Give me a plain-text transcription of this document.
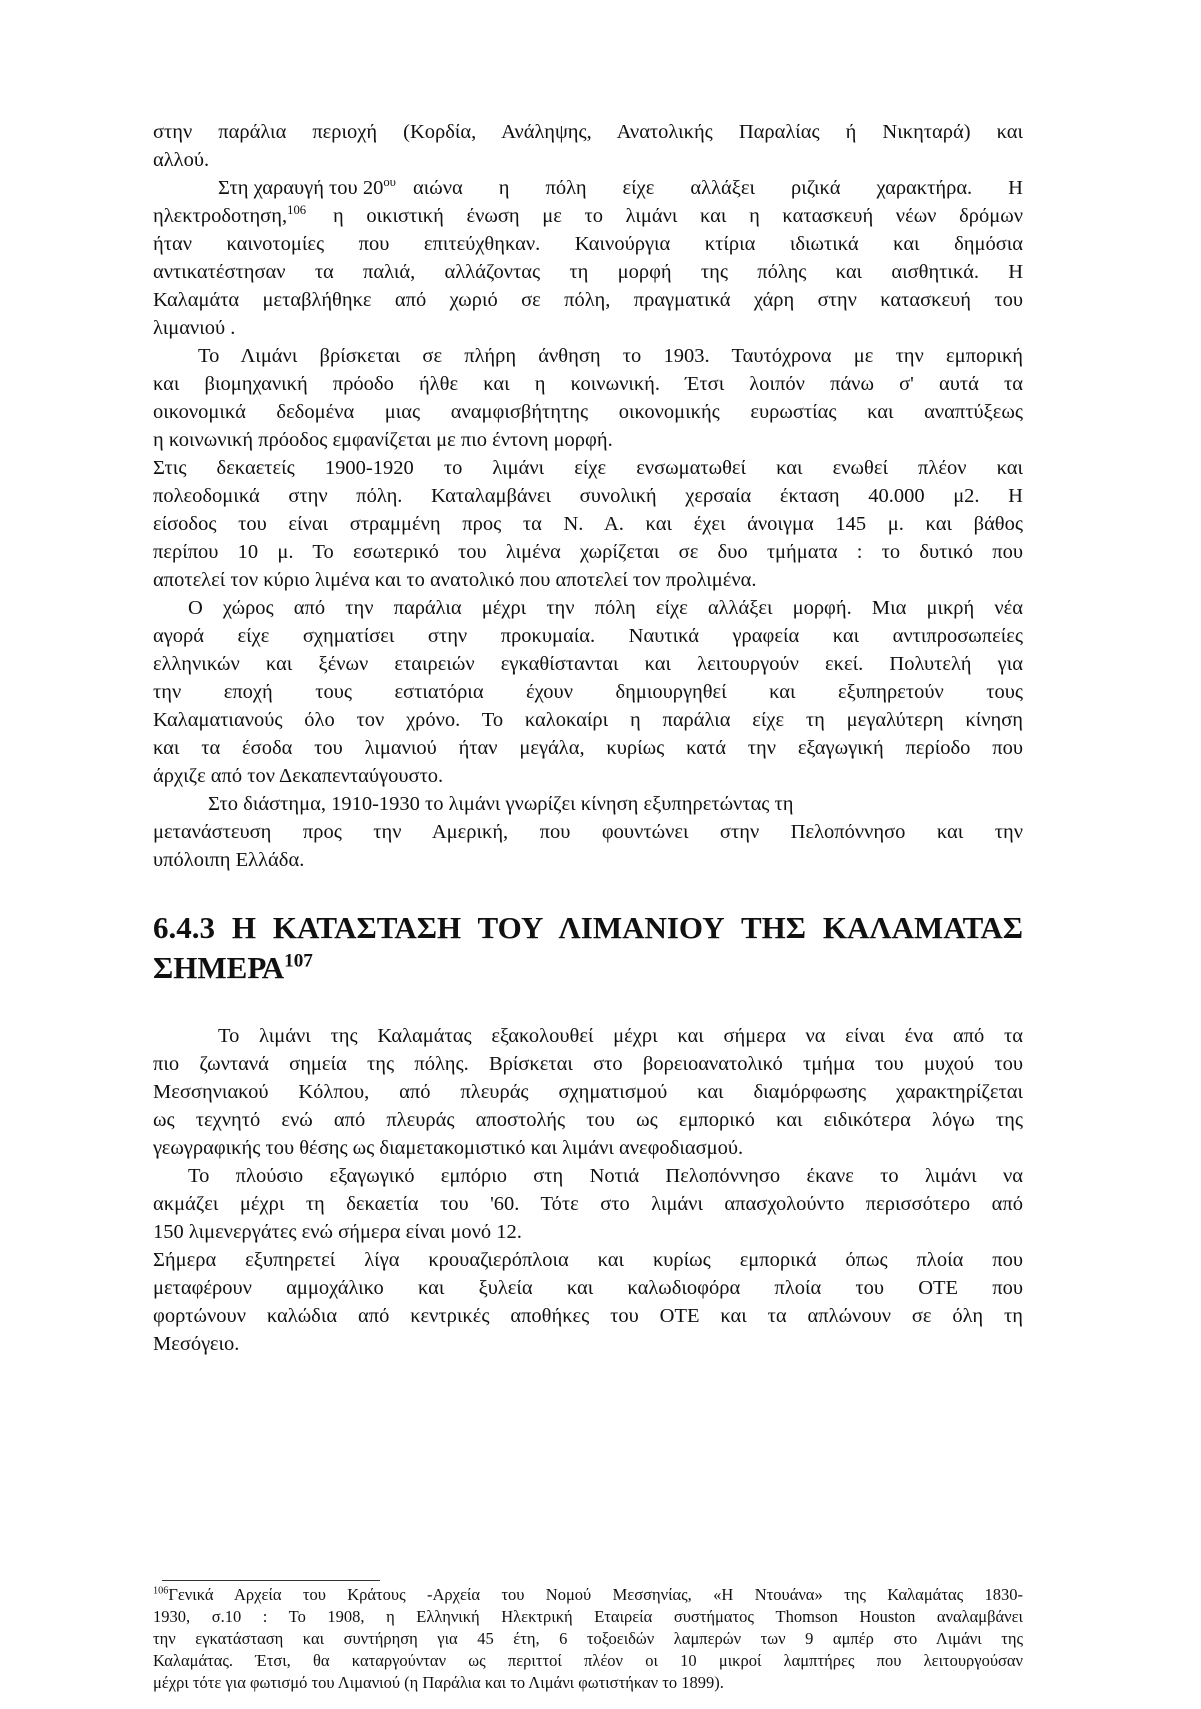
στην παράλια περιοχή (Κορδία, Ανάληψης, Ανατολικής Παραλίας ή Νικηταρά) και
αλλού.
Στη χαραυγή του $20^{o\upsilon}$ αιώνα η πόλη είχε αλλάξει ριζικά χαρακτήρα. Η
ηλεκτροδοτηση,$^{106}$ η οικιστική ένωση με το λιμάνι και η κατασκευή νέων δρόμων
ήταν καινοτομίες που επιτεύχθηκαν. Καινούργια κτίρια ιδιωτικά και δημόσια
αντικατέστησαν τα παλιά, αλλάζοντας τη μορφή της πόλης και αισθητικά. Η
Καλαμάτα μεταβλήθηκε από χωριό σε πόλη, πραγματικά χάρη στην κατασκευή του
λιμανιού .
Το Λιμάνι βρίσκεται σε πλήρη άνθηση το 1903. Ταυτόχρονα με την εμπορική
και βιομηχανική πρόοδο ήλθε και η κοινωνική. Έτσι λοιπόν πάνω σ' αυτά τα
οικονομικά δεδομένα μιας αναμφισβήτητης οικονομικής ευρωστίας και αναπτύξεως
η κοινωνική πρόοδος εμφανίζεται με πιο έντονη μορφή.
Στις δεκαετείς 1900-1920 το λιμάνι είχε ενσωματωθεί και ενωθεί πλέον και
πολεοδομικά στην πόλη. Καταλαμβάνει συνολική χερσαία έκταση 40.000 μ2. Η
είσοδος του είναι στραμμένη προς τα Ν. Α. και έχει άνοιγμα 145 μ. και βάθος
περίπου 10 μ. Το εσωτερικό του λιμένα χωρίζεται σε δυο τμήματα : το δυτικό που
αποτελεί τον κύριο λιμένα και το ανατολικό που αποτελεί τον προλιμένα.
Ο χώρος από την παράλια μέχρι την πόλη είχε αλλάξει μορφή. Μια μικρή νέα
αγορά είχε σχηματίσει στην προκυμαία. Ναυτικά γραφεία και αντιπροσωπείες
ελληνικών και ξένων εταιρειών εγκαθίστανται και λειτουργούν εκεί. Πολυτελή για
την εποχή τους εστιατόρια έχουν δημιουργηθεί και εξυπηρετούν τους
Καλαματιανούς όλο τον χρόνο. Το καλοκαίρι η παράλια είχε τη μεγαλύτερη κίνηση
και τα έσοδα του λιμανιού ήταν μεγάλα, κυρίως κατά την εξαγωγική περίοδο που
άρχιζε από τον Δεκαπενταύγουστο.
Στο διάστημα, 1910-1930 το λιμάνι γνωρίζει κίνηση εξυπηρετώντας τη
μετανάστευση προς την Αμερική, που φουντώνει στην Πελοπόννησο και την
υπόλοιπη Ελλάδα.
6.4.3 Η ΚΑΤΑΣΤΑΣΗ ΤΟΥ ΛΙΜΑΝΙΟΥ ΤΗΣ ΚΑΛΑΜΑΤΑΣ
ΣΗΜΕΡΑ$^{107}$
Το λιμάνι της Καλαμάτας εξακολουθεί μέχρι και σήμερα να είναι ένα από τα
πιο ζωντανά σημεία της πόλης. Βρίσκεται στο βορειοανατολικό τμήμα του μυχού του
Μεσσηνιακού Κόλπου, από πλευράς σχηματισμού και διαμόρφωσης χαρακτηρίζεται
ως τεχνητό ενώ από πλευράς αποστολής του ως εμπορικό και ειδικότερα λόγω της
γεωγραφικής του θέσης ως διαμετακομιστικό και λιμάνι ανεφοδιασμού.
Το πλούσιο εξαγωγικό εμπόριο στη Νοτιά Πελοπόννησο έκανε το λιμάνι να
ακμάζει μέχρι τη δεκαετία του '60. Τότε στο λιμάνι απασχολούντο περισσότερο από
150 λιμενεργάτες ενώ σήμερα είναι μονό 12.
Σήμερα εξυπηρετεί λίγα κρουαζιερόπλοια και κυρίως εμπορικά όπως πλοία που
μεταφέρουν αμμοχάλικο και ξυλεία και καλωδιοφόρα πλοία του ΟΤΕ που
φορτώνουν καλώδια από κεντρικές αποθήκες του ΟΤΕ και τα απλώνουν σε όλη τη
Μεσόγειο.
$^{106}$Γενικά Αρχεία του Κράτους -Αρχεία του Νομού Μεσσηνίας, «Η Ντουάνα» της Καλαμάτας 1830-
1930, σ.10 : Το 1908, η Ελληνική Ηλεκτρική Εταιρεία συστήματος Thomson Houston αναλαμβάνει
την εγκατάσταση και συντήρηση για 45 έτη, 6 τοξοειδών λαμπερών των 9 αμπέρ στο Λιμάνι της
Καλαμάτας. Έτσι, θα καταργούνταν ως περιττοί πλέον οι 10 μικροί λαμπτήρες που λειτουργούσαν
μέχρι τότε για φωτισμό του Λιμανιού (η Παράλια και το Λιμάνι φωτιστήκαν το 1899).
